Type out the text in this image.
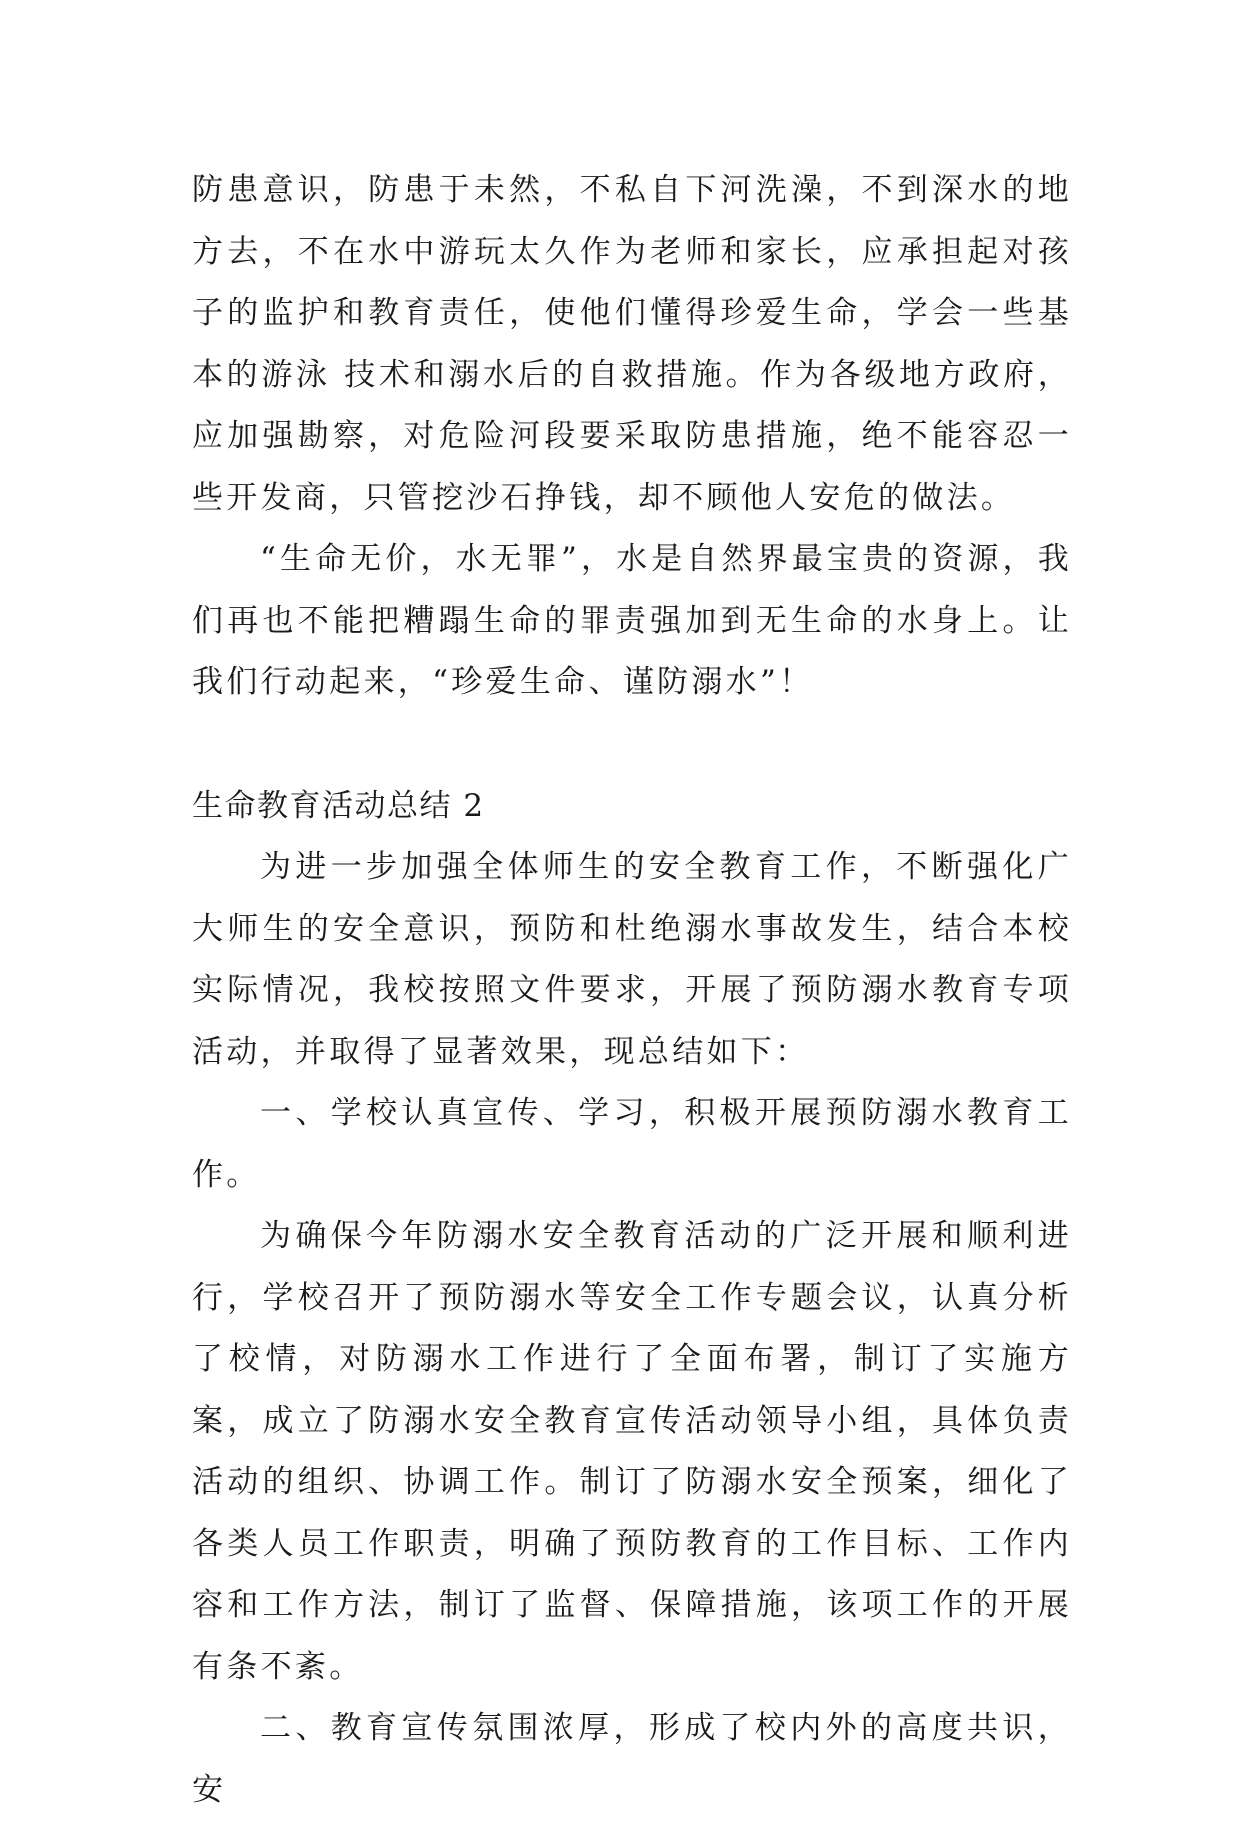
防患意识，防患于未然，不私自下河洗澡，不到深水的地方去，不在水中游玩太久作为老师和家长，应承担起对孩子的监护和教育责任，使他们懂得珍爱生命，学会一些基本的游泳 技术和溺水后的自救措施。作为各级地方政府，应加强勘察，对危险河段要采取防患措施，绝不能容忍一些开发商，只管挖沙石挣钱，却不顾他人安危的做法。

“生命无价，水无罪”，水是自然界最宝贵的资源，我们再也不能把糟蹋生命的罪责强加到无生命的水身上。让我们行动起来，“珍爱生命、谨防溺水”！

生命教育活动总结 2

为进一步加强全体师生的安全教育工作，不断强化广大师生的安全意识，预防和杜绝溺水事故发生，结合本校实际情况，我校按照文件要求，开展了预防溺水教育专项活动，并取得了显著效果，现总结如下：

一、学校认真宣传、学习，积极开展预防溺水教育工作。

为确保今年防溺水安全教育活动的广泛开展和顺利进行，学校召开了预防溺水等安全工作专题会议，认真分析了校情，对防溺水工作进行了全面布署，制订了实施方案，成立了防溺水安全教育宣传活动领导小组，具体负责活动的组织、协调工作。制订了防溺水安全预案，细化了各类人员工作职责，明确了预防教育的工作目标、工作内容和工作方法，制订了监督、保障措施，该项工作的开展有条不紊。

二、教育宣传氛围浓厚，形成了校内外的高度共识，安
